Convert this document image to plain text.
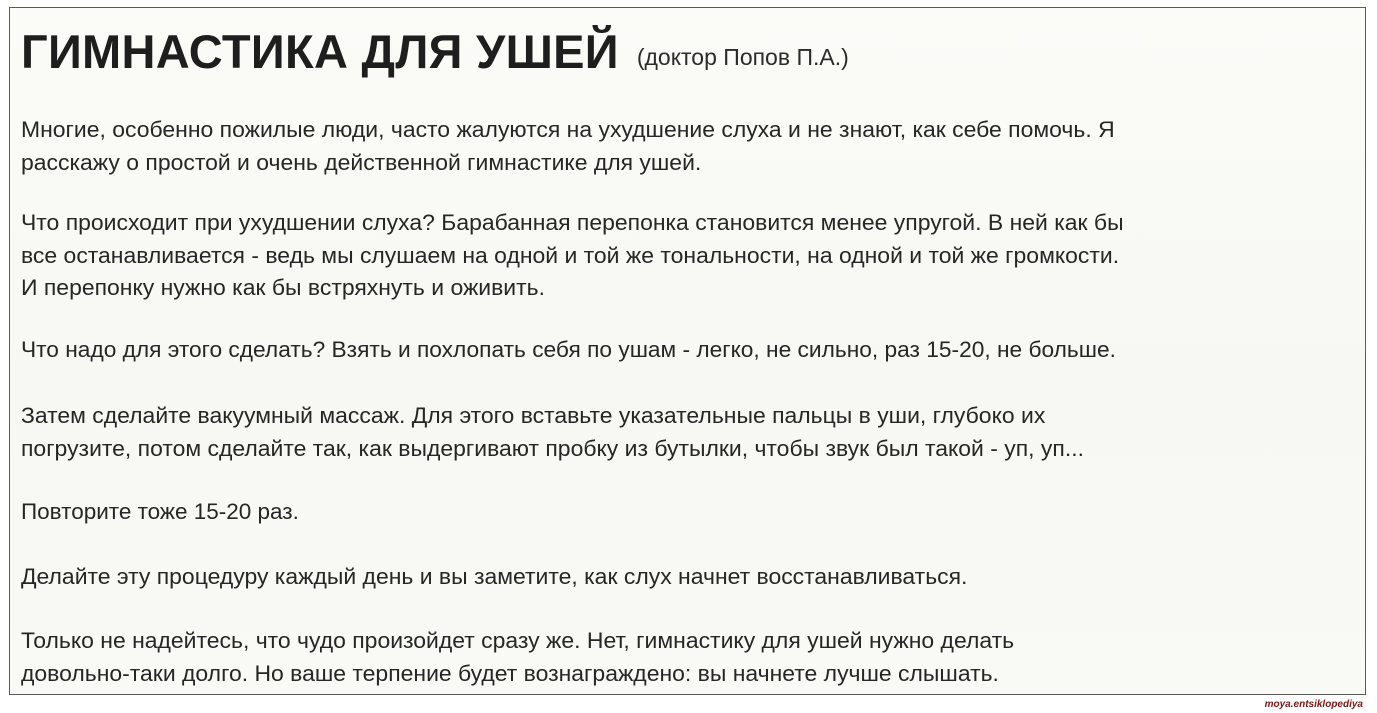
ГИМНАСТИКА ДЛЯ УШЕЙ (доктор Попов П.А.)

Многие, особенно пожилые люди, часто жалуются на ухудшение слуха и не знают, как себе помочь. Я
расскажу о простой и очень действенной гимнастике для ушей.

Что происходит при ухудшении слуха? Барабанная перепонка становится менее упругой. В ней как бы
все останавливается - ведь мы слушаем на одной и той же тональности, на одной и той же громкости.
И перепонку нужно как бы встряхнуть и оживить.

Что надо для этого сделать? Взять и похлопать себя по ушам - легко, не сильно, раз 15-20, не больше.

Затем сделайте вакуумный массаж. Для этого вставьте указательные пальцы в уши, глубоко их
погрузите, потом сделайте так, как выдергивают пробку из бутылки, чтобы звук был такой - уп, уп...

Повторите тоже 15-20 раз.

Делайте эту процедуру каждый день и вы заметите, как слух начнет восстанавливаться.

Только не надейтесь, что чудо произойдет сразу же. Нет, гимнастику для ушей нужно делать
довольно-таки долго. Но ваше терпение будет вознаграждено: вы начнете лучше слышать.

moya.entsiklopediya
